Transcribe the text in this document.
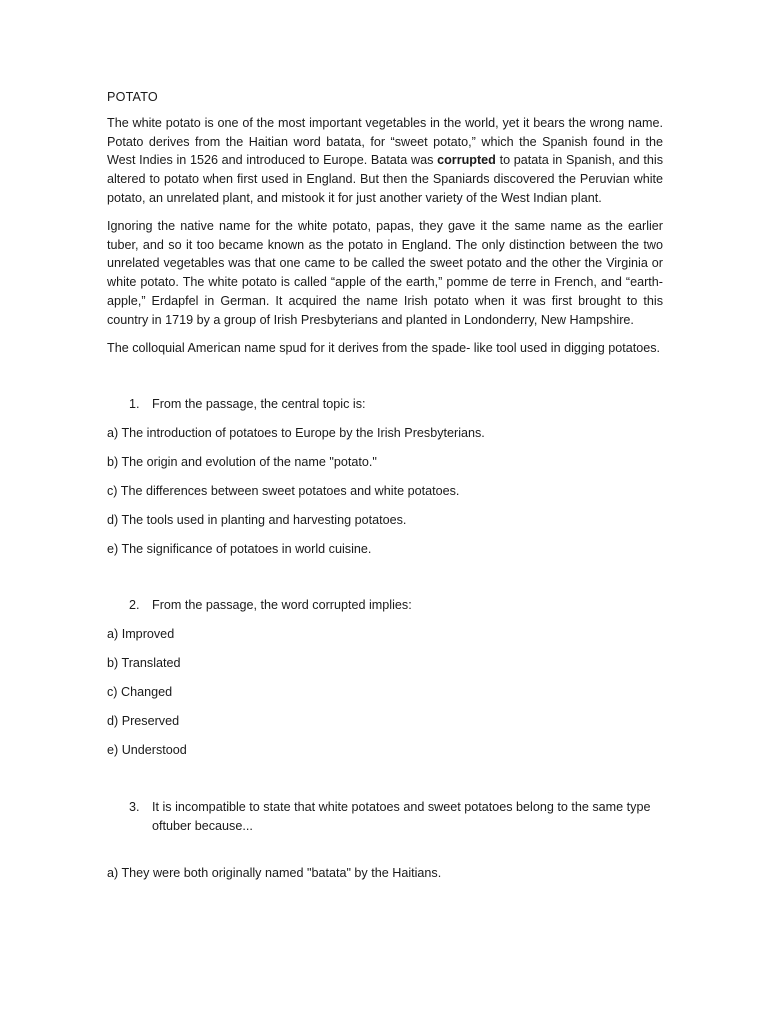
POTATO

The white potato is one of the most important vegetables in the world, yet it bears the wrong name. Potato derives from the Haitian word batata, for “sweet potato,” which the Spanish found in the West Indies in 1526 and introduced to Europe. Batata was corrupted to patata in Spanish, and this altered to potato when first used in England. But then the Spaniards discovered the Peruvian white potato, an unrelated plant, and mistook it for just another variety of the West Indian plant.

Ignoring the native name for the white potato, papas, they gave it the same name as the earlier tuber, and so it too became known as the potato in England. The only distinction between the two unrelated vegetables was that one came to be called the sweet potato and the other the Virginia or white potato. The white potato is called “apple of the earth,” pomme de terre in French, and “earth-apple,” Erdapfel in German. It acquired the name Irish potato when it was first brought to this country in 1719 by a group of Irish Presbyterians and planted in Londonderry, New Hampshire.

The colloquial American name spud for it derives from the spade- like tool used in digging potatoes.

1. From the passage, the central topic is:

a) The introduction of potatoes to Europe by the Irish Presbyterians.

b) The origin and evolution of the name "potato."

c) The differences between sweet potatoes and white potatoes.

d) The tools used in planting and harvesting potatoes.

e) The significance of potatoes in world cuisine.

2. From the passage, the word corrupted implies:

a) Improved

b) Translated

c) Changed

d) Preserved

e) Understood

3. It is incompatible to state that white potatoes and sweet potatoes belong to the same type oftuber because...

a) They were both originally named "batata" by the Haitians.
